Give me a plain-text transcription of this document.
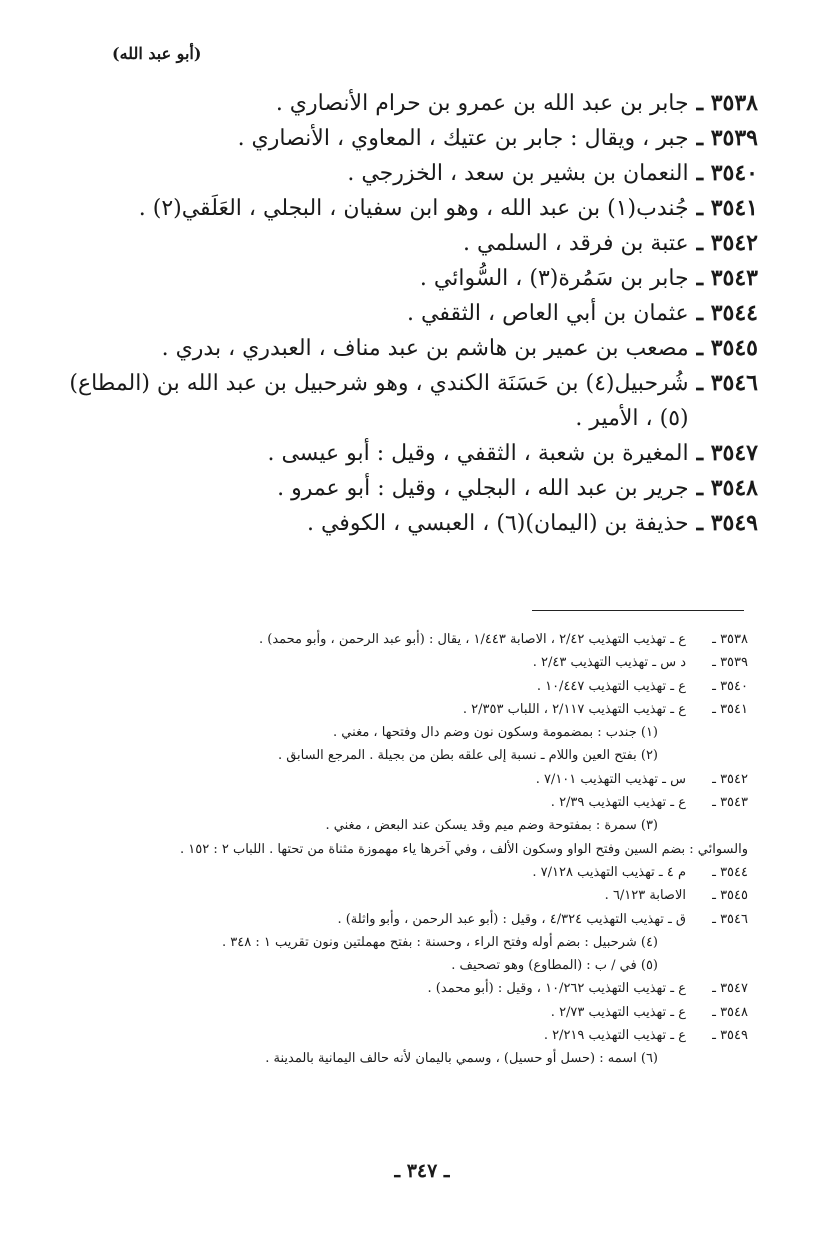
(أبو عبد الله)
٣٥٣٨ ـ
جابر بن عبد الله بن عمرو بن حرام الأنصاري .
٣٥٣٩ ـ
جبر ، ويقال : جابر بن عتيك ، المعاوي ، الأنصاري .
٣٥٤٠ ـ
النعمان بن بشير بن سعد ، الخزرجي .
٣٥٤١ ـ
جُندب(١) بن عبد الله ، وهو ابن سفيان ، البجلي ، العَلَقي(٢) .
٣٥٤٢ ـ
عتبة بن فرقد ، السلمي .
٣٥٤٣ ـ
جابر بن سَمُرة(٣) ، السُّوائي .
٣٥٤٤ ـ
عثمان بن أبي العاص ، الثقفي .
٣٥٤٥ ـ
مصعب بن عمير بن هاشم بن عبد مناف ، العبدري ، بدري .
٣٥٤٦ ـ
شُرحبيل(٤) بن حَسَنَة الكندي ، وهو شرحبيل بن عبد الله بن (المطاع)(٥) ، الأمير .
٣٥٤٧ ـ
المغيرة بن شعبة ، الثقفي ، وقيل : أبو عيسى .
٣٥٤٨ ـ
جرير بن عبد الله ، البجلي ، وقيل : أبو عمرو .
٣٥٤٩ ـ
حذيفة بن (اليمان)(٦) ، العبسي ، الكوفي .
٣٥٣٨ ـ
ع ـ تهذيب التهذيب ٢/٤٢ ، الاصابة ١/٤٤٣ ، يقال : (أبو عبد الرحمن ، وأبو محمد) .
٣٥٣٩ ـ
د س ـ تهذيب التهذيب ٢/٤٣ .
٣٥٤٠ ـ
ع ـ تهذيب التهذيب ١٠/٤٤٧ .
٣٥٤١ ـ
ع ـ تهذيب التهذيب ٢/١١٧ ، اللباب ٢/٣٥٣ .
(١) جندب : بمضمومة وسكون نون وضم دال وفتحها ، مغني .
(٢) بفتح العين واللام ـ نسبة إلى علقه بطن من بجيلة . المرجع السابق .
٣٥٤٢ ـ
س ـ تهذيب التهذيب ٧/١٠١ .
٣٥٤٣ ـ
ع ـ تهذيب التهذيب ٢/٣٩ .
(٣) سمرة : بمفتوحة وضم ميم وقد يسكن عند البعض ، مغني .
والسوائي : بضم السين وفتح الواو وسكون الألف ، وفي آخرها ياء مهموزة مثناة من تحتها . اللباب ٢ : ١٥٢ .
٣٥٤٤ ـ
م ٤ ـ تهذيب التهذيب ٧/١٢٨ .
٣٥٤٥ ـ
الاصابة ٦/١٢٣ .
٣٥٤٦ ـ
ق ـ تهذيب التهذيب ٤/٣٢٤ ، وقيل : (أبو عبد الرحمن ، وأبو واثلة) .
(٤) شرحبيل : بضم أوله وفتح الراء ، وحسنة : بفتح مهملتين ونون تقريب ١ : ٣٤٨ .
(٥) في / ب : (المطاوع) وهو تصحيف .
٣٥٤٧ ـ
ع ـ تهذيب التهذيب ١٠/٢٦٢ ، وقيل : (أبو محمد) .
٣٥٤٨ ـ
ع ـ تهذيب التهذيب ٢/٧٣ .
٣٥٤٩ ـ
ع ـ تهذيب التهذيب ٢/٢١٩ .
(٦) اسمه : (حسل أو حسيل) ، وسمي باليمان لأنه حالف اليمانية بالمدينة .
ـ ٣٤٧ ـ
